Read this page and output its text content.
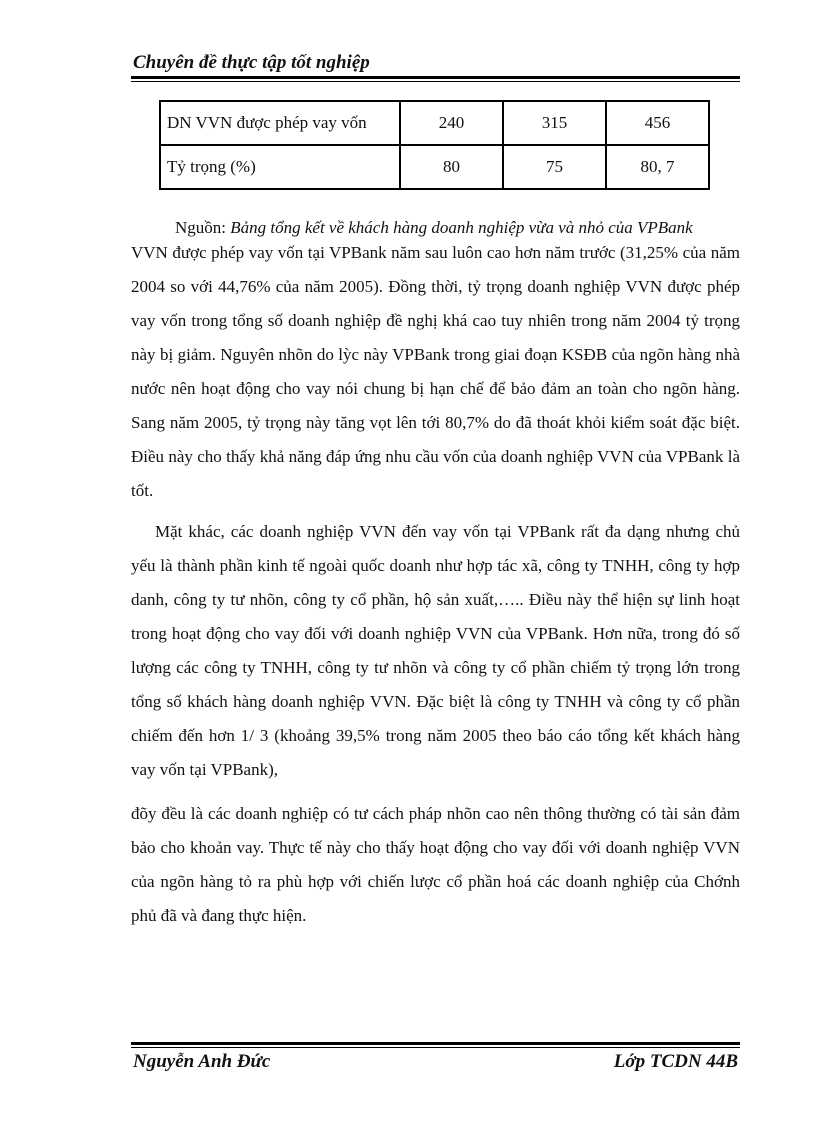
Chuyên đề thực tập tốt nghiệp
DN VVN được phép vay vốn	240	315	456
Tỷ trọng (%)	80	75	80, 7
Nguồn: Bảng tổng kết về khách hàng doanh nghiệp vừa và nhỏ của VPBank

VVN được phép vay vốn tại VPBank năm sau luôn cao hơn năm trước (31,25% của năm 2004 so với 44,76% của năm 2005). Đồng thời, tỷ trọng doanh nghiệp VVN được phép vay vốn trong tổng số doanh nghiệp đề nghị khá cao tuy nhiên trong năm 2004 tỷ trọng này bị giảm. Nguyên nhõn do lỳc này VPBank trong giai đoạn KSĐB của ngõn hàng nhà nước nên hoạt động cho vay nói chung bị hạn chế để bảo đảm an toàn cho ngõn hàng. Sang năm 2005, tỷ trọng này tăng vọt lên tới 80,7% do đã thoát khỏi kiểm soát đặc biệt. Điều này cho thấy khả năng đáp ứng nhu cầu vốn của doanh nghiệp VVN của VPBank là tốt.

Mặt khác, các doanh nghiệp VVN đến vay vốn tại VPBank rất đa dạng nhưng chủ yếu là thành phần kinh tế ngoài quốc doanh như hợp tác xã, công ty TNHH, công ty hợp danh, công ty tư nhõn, công ty cổ phần, hộ sản xuất,….. Điều này thể hiện sự linh hoạt trong hoạt động cho vay đối với doanh nghiệp VVN của VPBank. Hơn nữa, trong đó số lượng các công ty TNHH, công ty tư nhõn và công ty cổ phần chiếm tỷ trọng lớn trong tổng số khách hàng doanh nghiệp VVN. Đặc biệt là công ty TNHH và công ty cổ phần chiếm đến hơn 1/ 3 (khoảng 39,5% trong năm 2005 theo báo cáo tổng kết khách hàng vay vốn tại VPBank),

đõy đều là các doanh nghiệp có tư cách pháp nhõn cao nên thông thường có tài sản đảm bảo cho khoản vay. Thực tế này cho thấy hoạt động cho vay đối với doanh nghiệp VVN của ngõn hàng tỏ ra phù hợp với chiến lược cổ phần hoá các doanh nghiệp của Chớnh phủ đã và đang thực hiện.

Nguyễn Anh Đức	Lớp TCDN 44B
